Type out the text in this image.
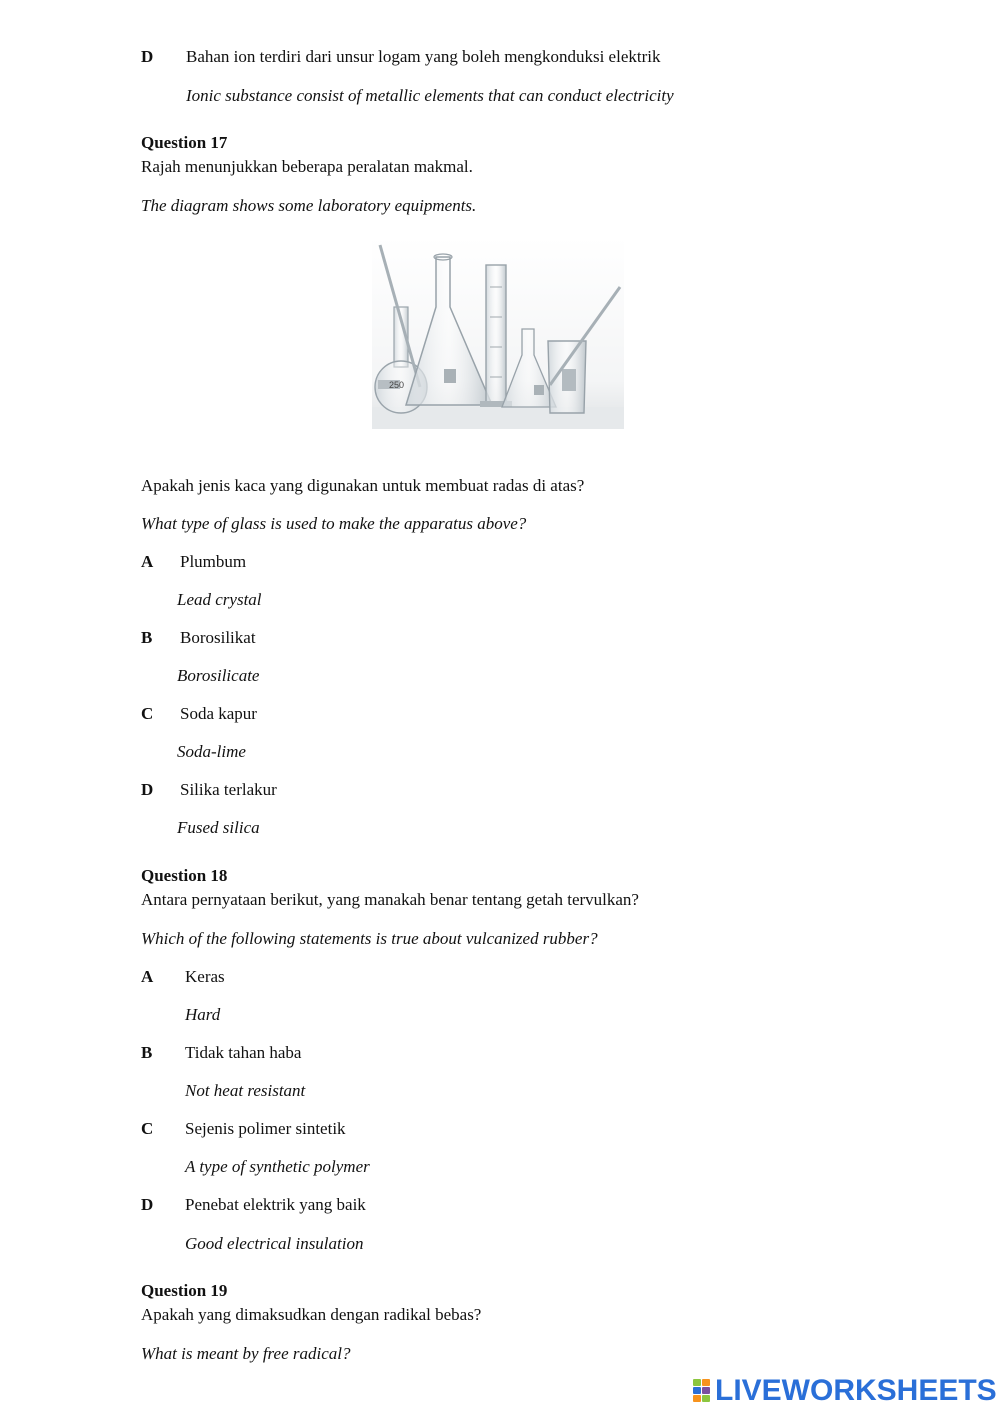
D Bahan ion terdiri dari unsur logam yang boleh mengkonduksi elektrik
Ionic substance consist of metallic elements that can conduct electricity
Question 17
Rajah menunjukkan beberapa peralatan makmal.
The diagram shows some laboratory equipments.
250
Apakah jenis kaca yang digunakan untuk membuat radas di atas?
What type of glass is used to make the apparatus above?
A Plumbum
Lead crystal
B Borosilikat
Borosilicate
C Soda kapur
Soda-lime
D Silika terlakur
Fused silica
Question 18
Antara pernyataan berikut, yang manakah benar tentang getah tervulkan?
Which of the following statements is true about vulcanized rubber?
A Keras
Hard
B Tidak tahan haba
Not heat resistant
C Sejenis polimer sintetik
A type of synthetic polymer
D Penebat elektrik yang baik
Good electrical insulation
Question 19
Apakah yang dimaksudkan dengan radikal bebas?
What is meant by free radical?
LIVEWORKSHEETS
